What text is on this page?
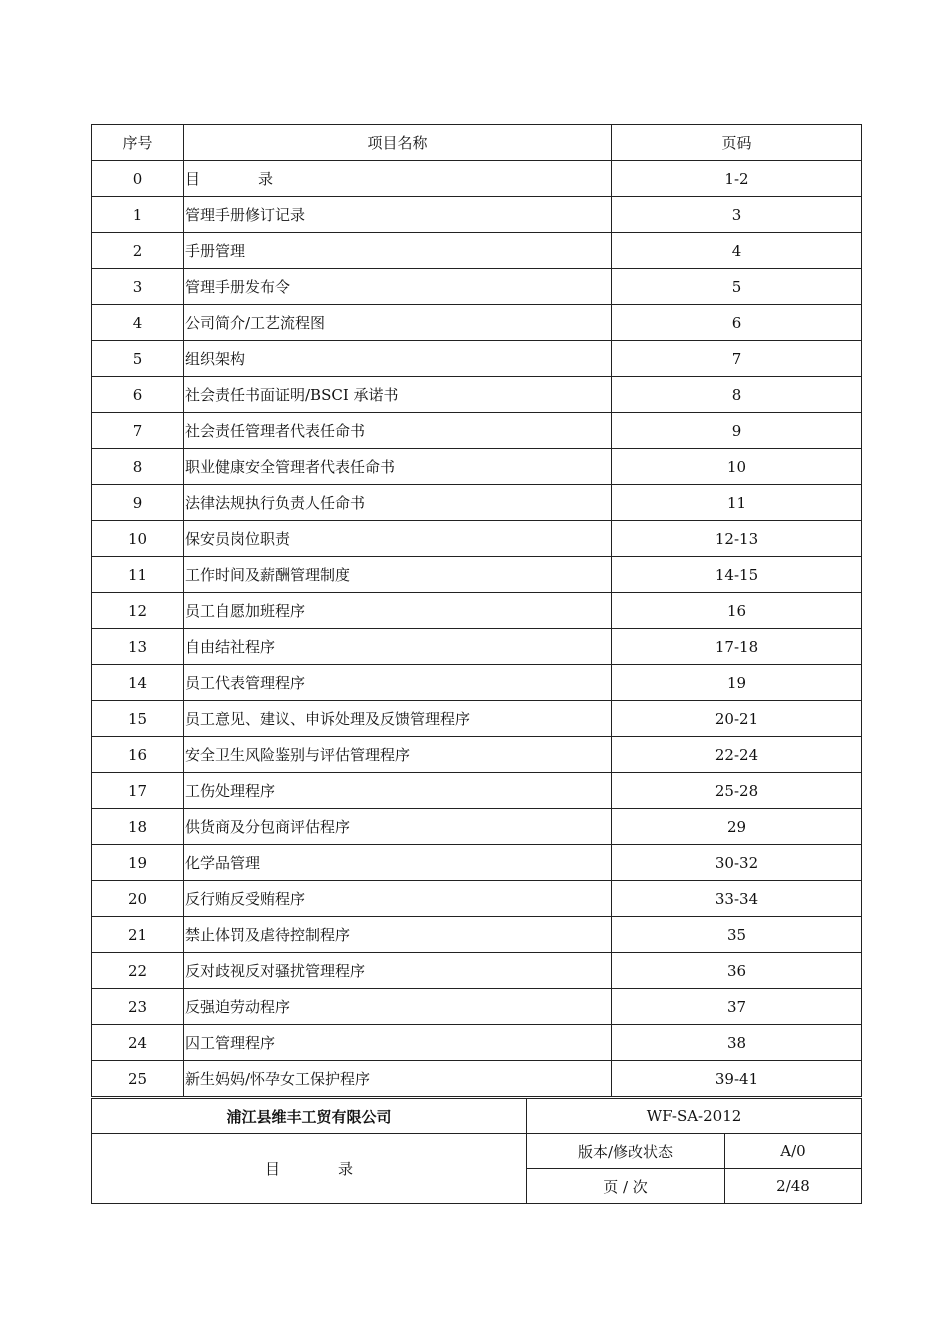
序号	项目名称	页码
0	目 录	1-2
1	管理手册修订记录	3
2	手册管理	4
3	管理手册发布令	5
4	公司简介/工艺流程图	6
5	组织架构	7
6	社会责任书面证明/BSCI 承诺书	8
7	社会责任管理者代表任命书	9
8	职业健康安全管理者代表任命书	10
9	法律法规执行负责人任命书	11
10	保安员岗位职责	12-13
11	工作时间及薪酬管理制度	14-15
12	员工自愿加班程序	16
13	自由结社程序	17-18
14	员工代表管理程序	19
15	员工意见、建议、申诉处理及反馈管理程序	20-21
16	安全卫生风险鉴别与评估管理程序	22-24
17	工伤处理程序	25-28
18	供货商及分包商评估程序	29
19	化学品管理	30-32
20	反行贿反受贿程序	33-34
21	禁止体罚及虐待控制程序	35
22	反对歧视反对骚扰管理程序	36
23	反强迫劳动程序	37
24	囚工管理程序	38
25	新生妈妈/怀孕女工保护程序	39-41
浦江县维丰工贸有限公司	WF-SA-2012	
目 录	版本/修改状态	A/0
	页 / 次	2/48
